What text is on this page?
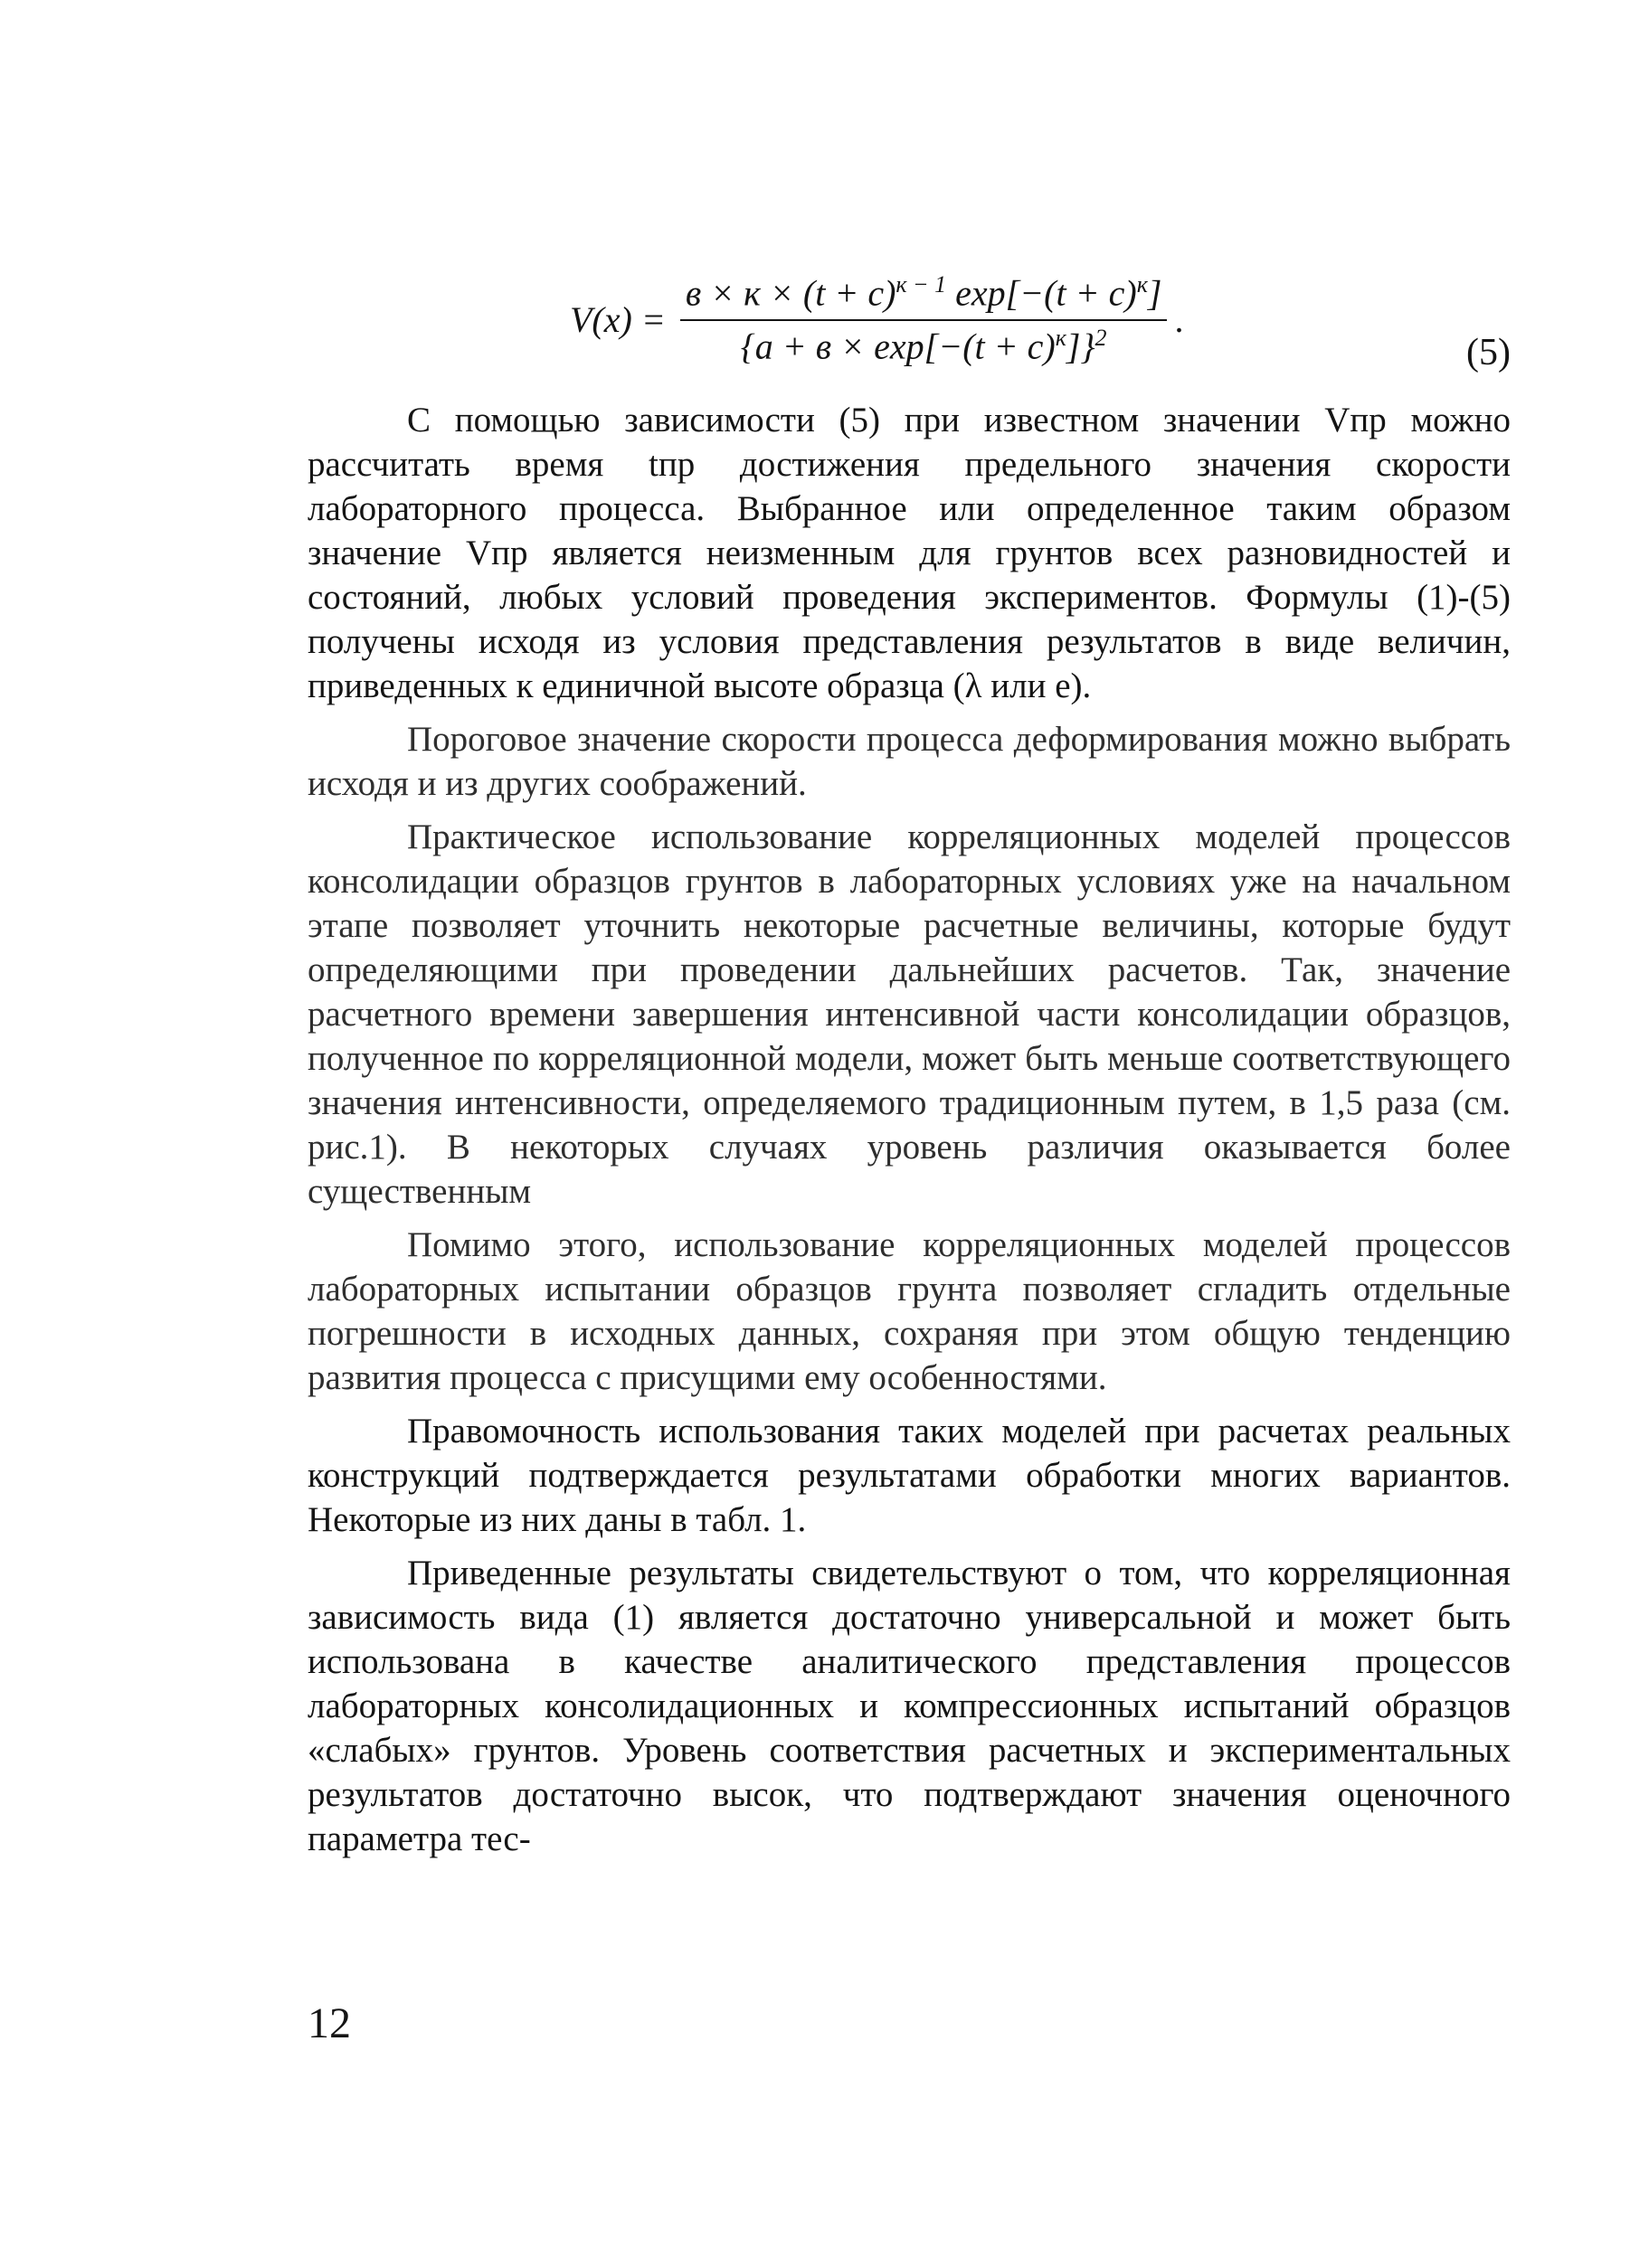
$V(x) = \frac{в \times к \times (t + c)^{к - 1} \exp[-(t + c)^к]}{\{a + в \times \exp[-(t + c)^к]\}^2}$ .
(5)

С помощью зависимости (5) при известном значении Vпр можно рассчитать время tпр достижения предельного значения скорости лабораторного процесса. Выбранное или определенное таким образом значение Vпр является неизменным для грунтов всех разновидностей и состояний, любых условий проведения экспериментов. Формулы (1)-(5) получены исходя из условия представления результатов в виде величин, приведенных к единичной высоте образца (λ или e).

Пороговое значение скорости процесса деформирования можно выбрать исходя и из других соображений.

Практическое использование корреляционных моделей процессов консолидации образцов грунтов в лабораторных условиях уже на начальном этапе позволяет уточнить некоторые расчетные величины, которые будут определяющими при проведении дальнейших расчетов. Так, значение расчетного времени завершения интенсивной части консолидации образцов, полученное по корреляционной модели, может быть меньше соответствующего значения интенсивности, определяемого традиционным путем, в 1,5 раза (см. рис.1). В некоторых случаях уровень различия оказывается более существенным

Помимо этого, использование корреляционных моделей процессов лабораторных испытании образцов грунта позволяет сгладить отдельные погрешности в исходных данных, сохраняя при этом общую тенденцию развития процесса с присущими ему особенностями.

Правомочность использования таких моделей при расчетах реальных конструкций подтверждается результатами обработки многих вариантов. Некоторые из них даны в табл. 1.

Приведенные результаты свидетельствуют о том, что корреляционная зависимость вида (1) является достаточно универсальной и может быть использована в качестве аналитического представления процессов лабораторных консолидационных и компрессионных испытаний образцов «слабых» грунтов. Уровень соответствия расчетных и экспериментальных результатов достаточно высок, что подтверждают значения оценочного параметра тес-

12
